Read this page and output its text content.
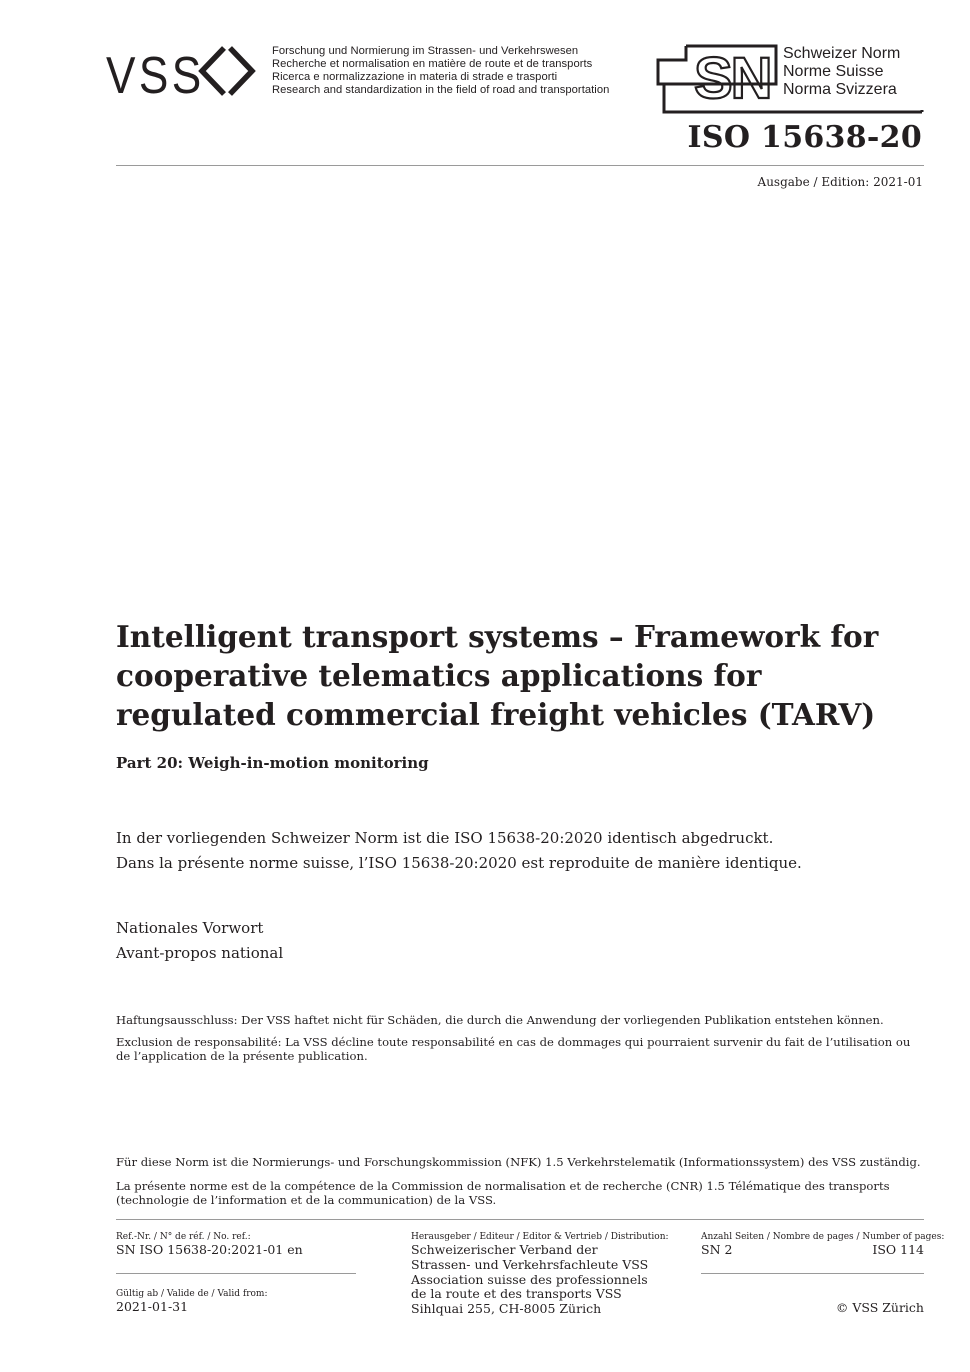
VSS	Forschung und Normierung im Strassen- und Verkehrswesen
Recherche et normalisation en matière de route et de transports
Ricerca e normalizzazione in materia di strade e trasporti
Research and standardization in the field of road and transportation SN Schweizer Norm
Norme Suisse
Norma Svizzera
ISO 15638-20
Ausgabe / Edition: 2021-01
Intelligent transport systems – Framework for cooperative telematics applications for regulated commercial freight vehicles (TARV)
Part 20: Weigh-in-motion monitoring
In der vorliegenden Schweizer Norm ist die ISO 15638-20:2020 identisch abgedruckt.
Dans la présente norme suisse, l’ISO 15638-20:2020 est reproduite de manière identique.
Nationales Vorwort
Avant-propos national
Haftungsausschluss: Der VSS haftet nicht für Schäden, die durch die Anwendung der vorliegenden Publikation entstehen können.
Exclusion de responsabilité: La VSS décline toute responsabilité en cas de dommages qui pourraient survenir du fait de l’utilisation ou de l’application de la présente publication.
Für diese Norm ist die Normierungs- und Forschungskommission (NFK) 1.5 Verkehrstelematik (Informationssystem) des VSS zuständig.
La présente norme est de la compétence de la Commission de normalisation et de recherche (CNR) 1.5 Télématique des transports (technologie de l’information et de la communication) de la VSS.
Ref.-Nr. / N° de réf. / No. ref.:
SN ISO 15638-20:2021-01 en
Gültig ab / Valide de / Valid from:
2021-01-31
Herausgeber / Editeur / Editor & Vertrieb / Distribution:
Schweizerischer Verband der
Strassen- und Verkehrsfachleute VSS
Association suisse des professionnels
de la route et des transports VSS
Sihlquai 255, CH-8005 Zürich
Anzahl Seiten / Nombre de pages / Number of pages:
SN 2	ISO 114
© VSS Zürich
